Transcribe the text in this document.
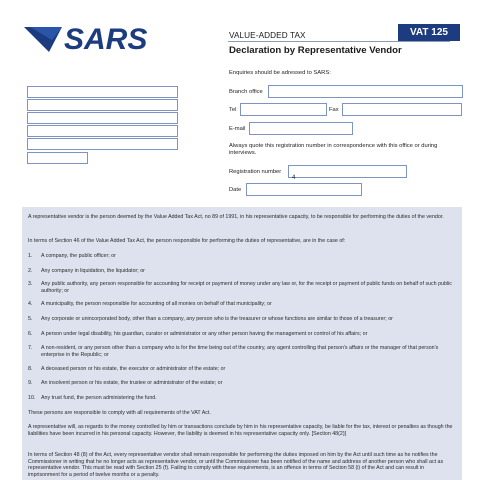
SARS	VALUE-ADDED TAX
Declaration by Representative Vendor
VAT 125
Enquiries should be adressed to SARS:
Branch office
Tel	Fax
E-mail
Always quote this registration number in correspondence with this office or during interviews.
Registration number
4
Date

A representative vendor is the person deemed by the Value Added Tax Act, no 89 of 1991, in his representative capacity, to be responsible for performing the duties of the vendor.

In terms of Section 46 of the Value Added Tax Act, the person responsible for performing the duties of representative, are in the case of:

1. A company, the public officer; or

2. Any company in liquidation, the liquidator; or

3. Any public authority, any person responsible for accounting for receipt or payment of money under any law or, for the receipt or payment of public funds on behalf of such public authority; or

4. A municipality, the person responsible for accounting of all monies on behalf of that municipality; or

5. Any corporate or unincorporated body, other than a company, any person who is the treasurer or whose functions are similar to those of a treasurer; or

6. A person under legal disability, his guardian, curator or administrator or any other person having the management or control of his affairs; or

7. A non-resident, or any person other than a company who is for the time being out of the country, any agent controlling that person's affairs or the manager of that person's enterprise in the Republic; or

8. A deceased person or his estate, the executor or administrator of the estate; or

9. An insolvent person or his estate, the trustee or administrator of the estate; or

10. Any trust fund, the person administering the fund.

These persons are responsible to comply with all requirements of the VAT Act.

A representative will, as regards to the money controlled by him or transactions conclude by him in his representative capacity, be liable for the tax, interest or penalties as though the liabilities have been incurred in his personal capacity. However, the liability is deemed in his representative capacity only. [Section 48(2)]

In terms of Section 48 (8) of the Act, every representative vendor shall remain responsible for performing the duties imposed on him by the Act until such time as he notifies the Commissioner in writing that he no longer acts as representative vendor, or until the Commissioner has been notified of the name and address of another person who shall act as representative vendor. This must be read with Section 25 (f). Failing to comply with these requirements, is an offence in terms of Section 58 (i) of the Act and can result in imprisonment for a period of twelve months or a penalty.
